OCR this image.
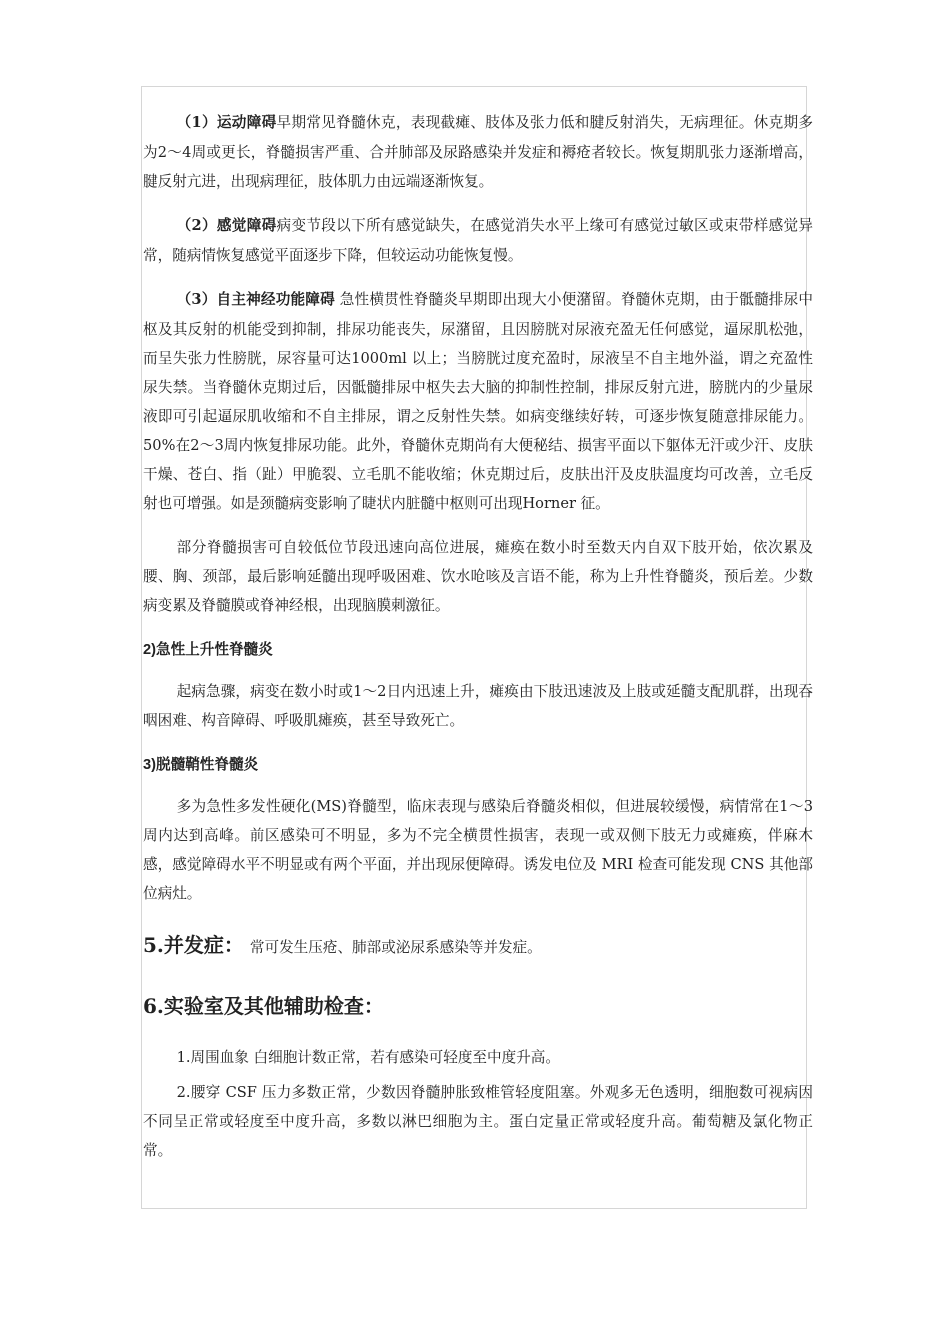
（1）运动障碍早期常见脊髓休克，表现截瘫、肢体及张力低和腱反射消失，无病理征。休克期多为2～4周或更长，脊髓损害严重、合并肺部及尿路感染并发症和褥疮者较长。恢复期肌张力逐渐增高，腱反射亢进，出现病理征，肢体肌力由远端逐渐恢复。

（2）感觉障碍病变节段以下所有感觉缺失，在感觉消失水平上缘可有感觉过敏区或束带样感觉异常，随病情恢复感觉平面逐步下降，但较运动功能恢复慢。

（3）自主神经功能障碍 急性横贯性脊髓炎早期即出现大小便潴留。脊髓休克期，由于骶髓排尿中枢及其反射的机能受到抑制，排尿功能丧失，尿潴留，且因膀胱对尿液充盈无任何感觉，逼尿肌松弛，而呈失张力性膀胱，尿容量可达1000ml 以上；当膀胱过度充盈时，尿液呈不自主地外溢，谓之充盈性尿失禁。当脊髓休克期过后，因骶髓排尿中枢失去大脑的抑制性控制，排尿反射亢进，膀胱内的少量尿液即可引起逼尿肌收缩和不自主排尿，谓之反射性失禁。如病变继续好转，可逐步恢复随意排尿能力。 50%在2～3周内恢复排尿功能。此外，脊髓休克期尚有大便秘结、损害平面以下躯体无汗或少汗、皮肤干燥、苍白、指（趾）甲脆裂、立毛肌不能收缩；休克期过后，皮肤出汗及皮肤温度均可改善，立毛反射也可增强。如是颈髓病变影响了睫状内脏髓中枢则可出现Horner 征。

部分脊髓损害可自较低位节段迅速向高位进展，瘫痪在数小时至数天内自双下肢开始，依次累及腰、胸、颈部，最后影响延髓出现呼吸困难、饮水呛咳及言语不能，称为上升性脊髓炎，预后差。少数病变累及脊髓膜或脊神经根，出现脑膜刺激征。

2)急性上升性脊髓炎

起病急骤，病变在数小时或1～2日内迅速上升，瘫痪由下肢迅速波及上肢或延髓支配肌群，出现吞咽困难、构音障碍、呼吸肌瘫痪，甚至导致死亡。

3)脱髓鞘性脊髓炎

多为急性多发性硬化(MS)脊髓型，临床表现与感染后脊髓炎相似，但进展较缓慢，病情常在1～3周内达到高峰。前区感染可不明显，多为不完全横贯性损害，表现一或双侧下肢无力或瘫痪，伴麻木感，感觉障碍水平不明显或有两个平面，并出现尿便障碍。诱发电位及 MRI 检查可能发现 CNS 其他部位病灶。

5.并发症： 常可发生压疮、肺部或泌尿系感染等并发症。

6.实验室及其他辅助检查：

1.周围血象 白细胞计数正常，若有感染可轻度至中度升高。

2.腰穿 CSF 压力多数正常，少数因脊髓肿胀致椎管轻度阻塞。外观多无色透明，细胞数可视病因不同呈正常或轻度至中度升高，多数以淋巴细胞为主。蛋白定量正常或轻度升高。葡萄糖及氯化物正常。
